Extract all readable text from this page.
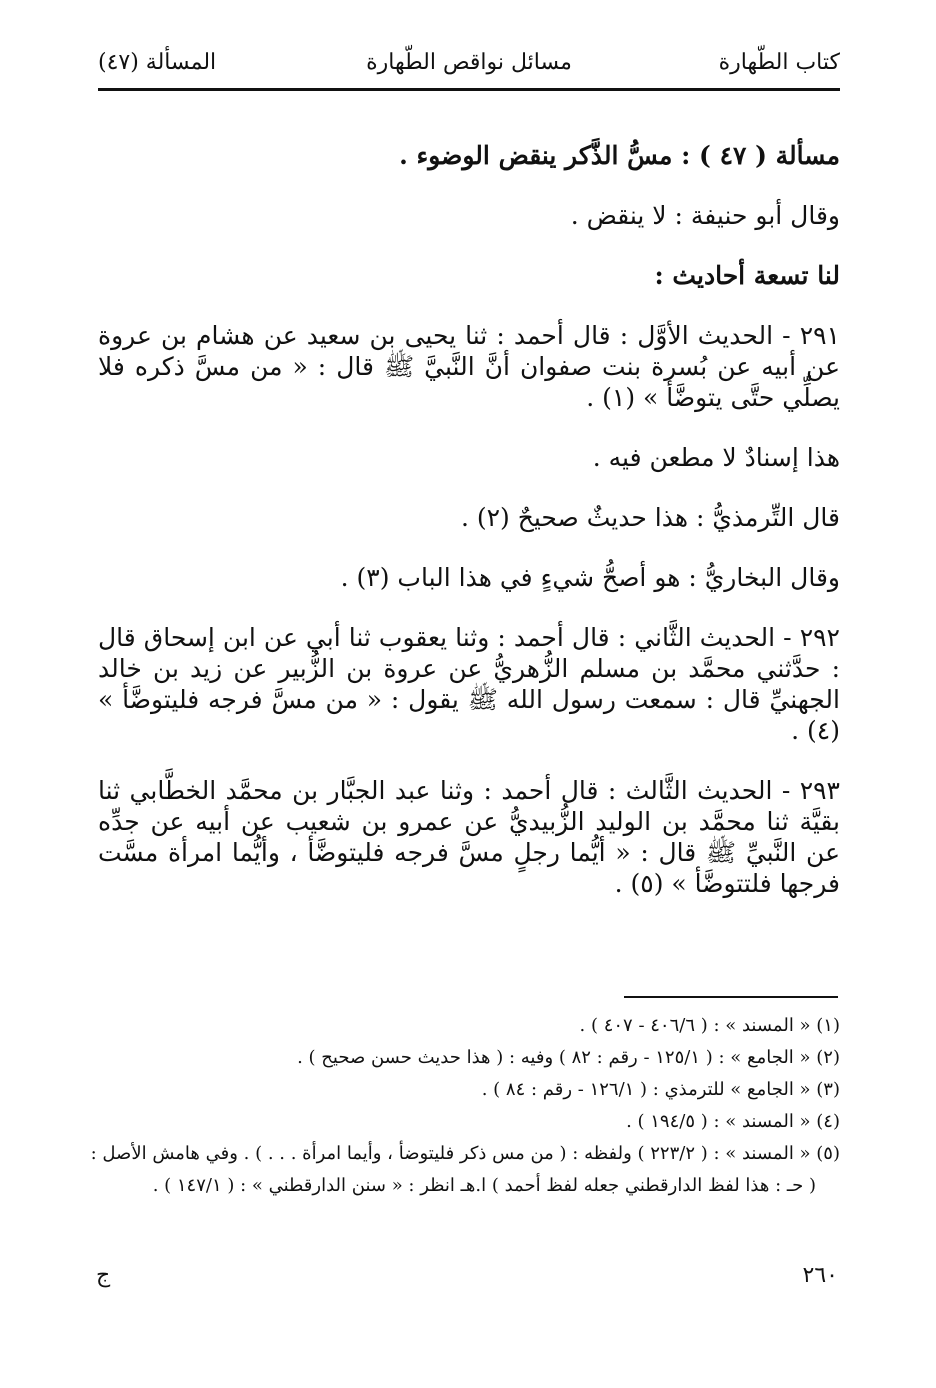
كتاب الطّهارة
مسائل نواقص الطّهارة
المسألة (٤٧)

مسألة ( ٤٧ ) : مسُّ الذَّكر ينقض الوضوء .

وقال أبو حنيفة : لا ينقض .

لنا تسعة أحاديث :

٢٩١ - الحديث الأوَّل : قال أحمد : ثنا يحيى بن سعيد عن هشام بن عروة عن أبيه عن بُسرة بنت صفوان أنَّ النَّبيَّ ﷺ قال : « من مسَّ ذكره فلا يصلِّي حتَّى يتوضَّأ » (١) .

هذا إسنادٌ لا مطعن فيه .

قال التِّرمذيُّ : هذا حديثٌ صحيحٌ (٢) .

وقال البخاريُّ : هو أصحُّ شيءٍ في هذا الباب (٣) .

٢٩٢ - الحديث الثَّاني : قال أحمد : وثنا يعقوب ثنا أبي عن ابن إسحاق قال : حدَّثني محمَّد بن مسلم الزُّهريُّ عن عروة بن الزُّبير عن زيد بن خالد الجهنيِّ قال : سمعت رسول الله ﷺ يقول : « من مسَّ فرجه فليتوضَّأ » (٤) .

٢٩٣ - الحديث الثَّالث : قال أحمد : وثنا عبد الجبَّار بن محمَّد الخطَّابي ثنا بقيَّة ثنا محمَّد بن الوليد الزُّبيديُّ عن عمرو بن شعيب عن أبيه عن جدِّه عن النَّبيِّ ﷺ قال : « أيُّما رجلٍ مسَّ فرجه فليتوضَّأ ، وأيُّما امرأة مسَّت فرجها فلتتوضَّأ » (٥) .

(١) « المسند » : ( ٤٠٦/٦ - ٤٠٧ ) .

(٢) « الجامع » : ( ١٢٥/١ - رقم : ٨٢ ) وفيه : ( هذا حديث حسن صحيح ) .

(٣) « الجامع » للترمذي : ( ١٢٦/١ - رقم : ٨٤ ) .

(٤) « المسند » : ( ١٩٤/٥ ) .

(٥) « المسند » : ( ٢٢٣/٢ ) ولفظه : ( من مس ذكر فليتوضأ ، وأيما امرأة . . . ) . وفي هامش الأصل :

( حـ : هذا لفظ الدارقطني جعله لفظ أحمد ) ا.هـ انظر : « سنن الدارقطني » : ( ١٤٧/١ ) .

٢٦٠
ج
